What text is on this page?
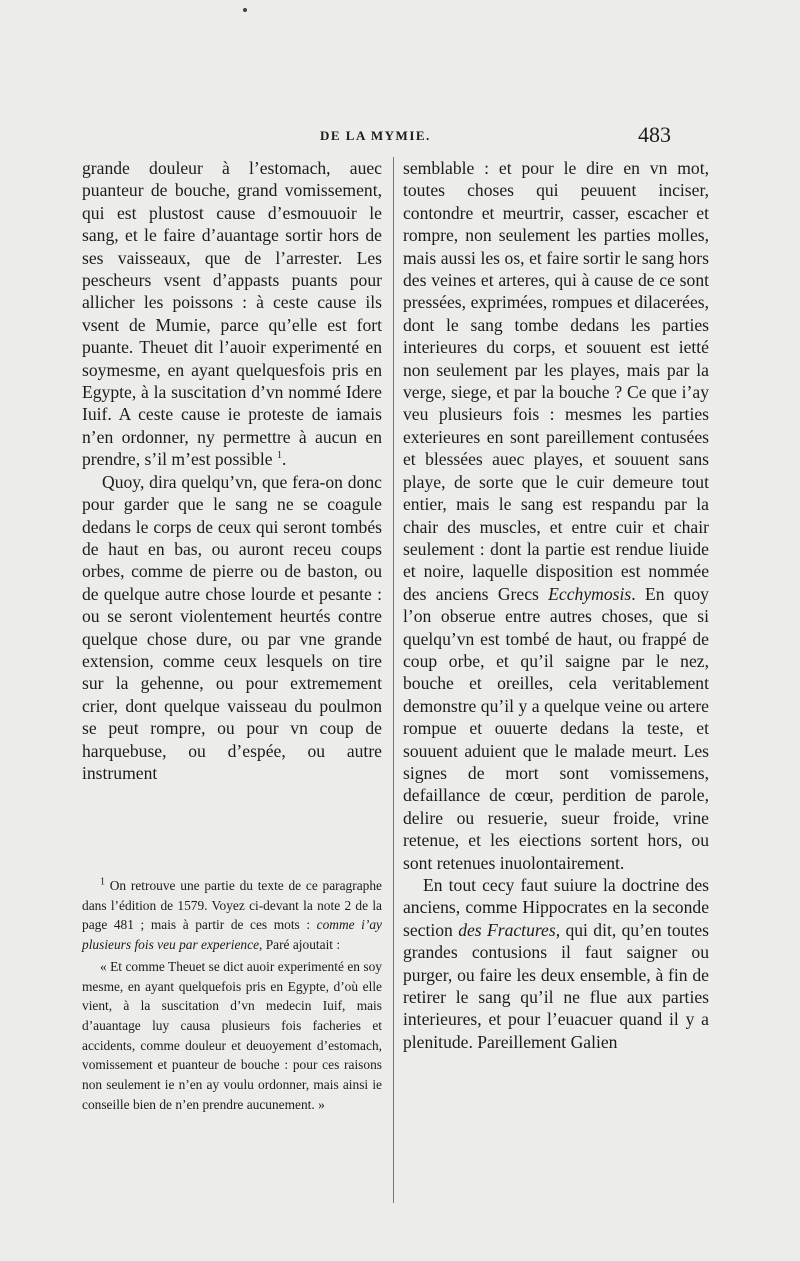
DE LA MYMIE.	483

grande douleur à l’estomach, auec puanteur de bouche, grand vomissement, qui est plustost cause d’esmouuoir le sang, et le faire d’auantage sortir hors de ses vaisseaux, que de l’arrester. Les pescheurs vsent d’appasts puants pour allicher les poissons : à ceste cause ils vsent de Mumie, parce qu’elle est fort puante. Theuet dit l’auoir experimenté en soymesme, en ayant quelquesfois pris en Egypte, à la suscitation d’vn nommé Idere Iuif. A ceste cause ie proteste de iamais n’en ordonner, ny permettre à aucun en prendre, s’il m’est possible $^1$.

Quoy, dira quelqu’vn, que fera-on donc pour garder que le sang ne se coagule dedans le corps de ceux qui seront tombés de haut en bas, ou auront receu coups orbes, comme de pierre ou de baston, ou de quelque autre chose lourde et pesante : ou se seront violentement heurtés contre quelque chose dure, ou par vne grande extension, comme ceux lesquels on tire sur la gehenne, ou pour extremement crier, dont quelque vaisseau du poulmon se peut rompre, ou pour vn coup de harquebuse, ou d’espée, ou autre instrument

semblable : et pour le dire en vn mot, toutes choses qui peuuent inciser, contondre et meurtrir, casser, escacher et rompre, non seulement les parties molles, mais aussi les os, et faire sortir le sang hors des veines et arteres, qui à cause de ce sont pressées, exprimées, rompues et dilacerées, dont le sang tombe dedans les parties interieures du corps, et souuent est ietté non seulement par les playes, mais par la verge, siege, et par la bouche ? Ce que i’ay veu plusieurs fois : mesmes les parties exterieures en sont pareillement contusées et blessées auec playes, et souuent sans playe, de sorte que le cuir demeure tout entier, mais le sang est respandu par la chair des muscles, et entre cuir et chair seulement : dont la partie est rendue liuide et noire, laquelle disposition est nommée des anciens Grecs Ecchymosis. En quoy l’on obserue entre autres choses, que si quelqu’vn est tombé de haut, ou frappé de coup orbe, et qu’il saigne par le nez, bouche et oreilles, cela veritablement demonstre qu’il y a quelque veine ou artere rompue et ouuerte dedans la teste, et souuent aduient que le malade meurt. Les signes de mort sont vomissemens, defaillance de cœur, perdition de parole, delire ou resuerie, sueur froide, vrine retenue, et les eiections sortent hors, ou sont retenues inuolontairement.

En tout cecy faut suiure la doctrine des anciens, comme Hippocrates en la seconde section des Fractures, qui dit, qu’en toutes grandes contusions il faut saigner ou purger, ou faire les deux ensemble, à fin de retirer le sang qu’il ne flue aux parties interieures, et pour l’euacuer quand il y a plenitude. Pareillement Galien

$^1$ On retrouve une partie du texte de ce paragraphe dans l’édition de 1579. Voyez ci-devant la note 2 de la page 481 ; mais à partir de ces mots : comme i’ay plusieurs fois veu par experience, Paré ajoutait :

« Et comme Theuet se dict auoir experimenté en soy mesme, en ayant quelquefois pris en Egypte, d’où elle vient, à la suscitation d’vn medecin Iuif, mais d’auantage luy causa plusieurs fois facheries et accidents, comme douleur et deuoyement d’estomach, vomissement et puanteur de bouche : pour ces raisons non seulement ie n’en ay voulu ordonner, mais ainsi ie conseille bien de n’en prendre aucunement. »
